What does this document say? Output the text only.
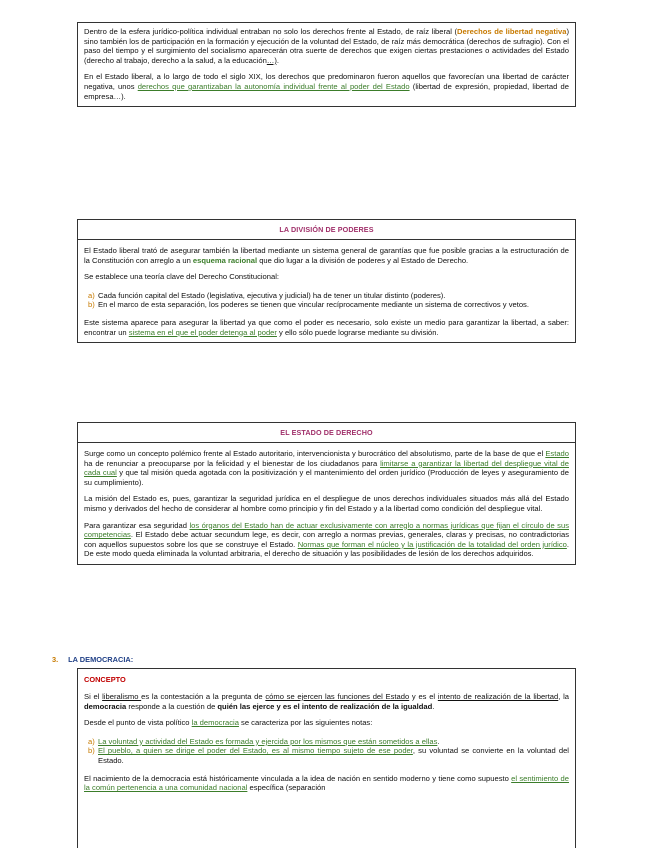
Dentro de la esfera jurídico-política individual entraban no solo los derechos frente al Estado, de raíz liberal (Derechos de libertad negativa) sino también los de participación en la formación y ejecución de la voluntad del Estado, de raíz más democrática (derechos de sufragio). Con el paso del tiempo y el surgimiento del socialismo aparecerán otra suerte de derechos que exigen ciertas prestaciones o actividades del Estado (derecho al trabajo, derecho a la salud, a la educación…).

En el Estado liberal, a lo largo de todo el siglo XIX, los derechos que predominaron fueron aquellos que favorecían una libertad de carácter negativa, unos derechos que garantizaban la autonomía individual frente al poder del Estado (libertad de expresión, propiedad, libertad de empresa…).

LA DIVISIÓN DE PODERES

El Estado liberal trató de asegurar también la libertad mediante un sistema general de garantías que fue posible gracias a la estructuración de la Constitución con arreglo a un esquema racional que dio lugar a la división de poderes y al Estado de Derecho.

Se establece una teoría clave del Derecho Constitucional:

a) Cada función capital del Estado (legislativa, ejecutiva y judicial) ha de tener un titular distinto (poderes).
b) En el marco de esta separación, los poderes se tienen que vincular recíprocamente mediante un sistema de correctivos y vetos.

Este sistema aparece para asegurar la libertad ya que como el poder es necesario, solo existe un medio para garantizar la libertad, a saber: encontrar un sistema en el que el poder detenga al poder y ello sólo puede lograrse mediante su división.

EL ESTADO DE DERECHO

Surge como un concepto polémico frente al Estado autoritario, intervencionista y burocrático del absolutismo, parte de la base de que el Estado ha de renunciar a preocuparse por la felicidad y el bienestar de los ciudadanos para limitarse a garantizar la libertad del despliegue vital de cada cual y que tal misión queda agotada con la positivización y el mantenimiento del orden jurídico (Producción de leyes y aseguramiento de su cumplimiento).

La misión del Estado es, pues, garantizar la seguridad jurídica en el despliegue de unos derechos individuales situados más allá del Estado mismo y derivados del hecho de considerar al hombre como principio y fin del Estado y a la libertad como condición del despliegue vital.

Para garantizar esa seguridad los órganos del Estado han de actuar exclusivamente con arreglo a normas jurídicas que fijan el círculo de sus competencias. El Estado debe actuar secundum lege, es decir, con arreglo a normas previas, generales, claras y precisas, no contradictorias con aquellos supuestos sobre los que se construye el Estado. Normas que forman el núcleo y la justificación de la totalidad del orden jurídico. De este modo queda eliminada la voluntad arbitraria, el derecho de situación y las posibilidades de lesión de los derechos adquiridos.

3. LA DEMOCRACIA:
CONCEPTO

Si el liberalismo es la contestación a la pregunta de cómo se ejercen las funciones del Estado y es el intento de realización de la libertad, la democracia responde a la cuestión de quién las ejerce y es el intento de realización de la igualdad.

Desde el punto de vista político la democracia se caracteriza por las siguientes notas:

a) La voluntad y actividad del Estado es formada y ejercida por los mismos que están sometidos a ellas.
b) El pueblo, a quien se dirige el poder del Estado, es al mismo tiempo sujeto de ese poder, su voluntad se convierte en la voluntad del Estado.

El nacimiento de la democracia está históricamente vinculada a la idea de nación en sentido moderno y tiene como supuesto el sentimiento de la común pertenencia a una comunidad nacional específica (separación
